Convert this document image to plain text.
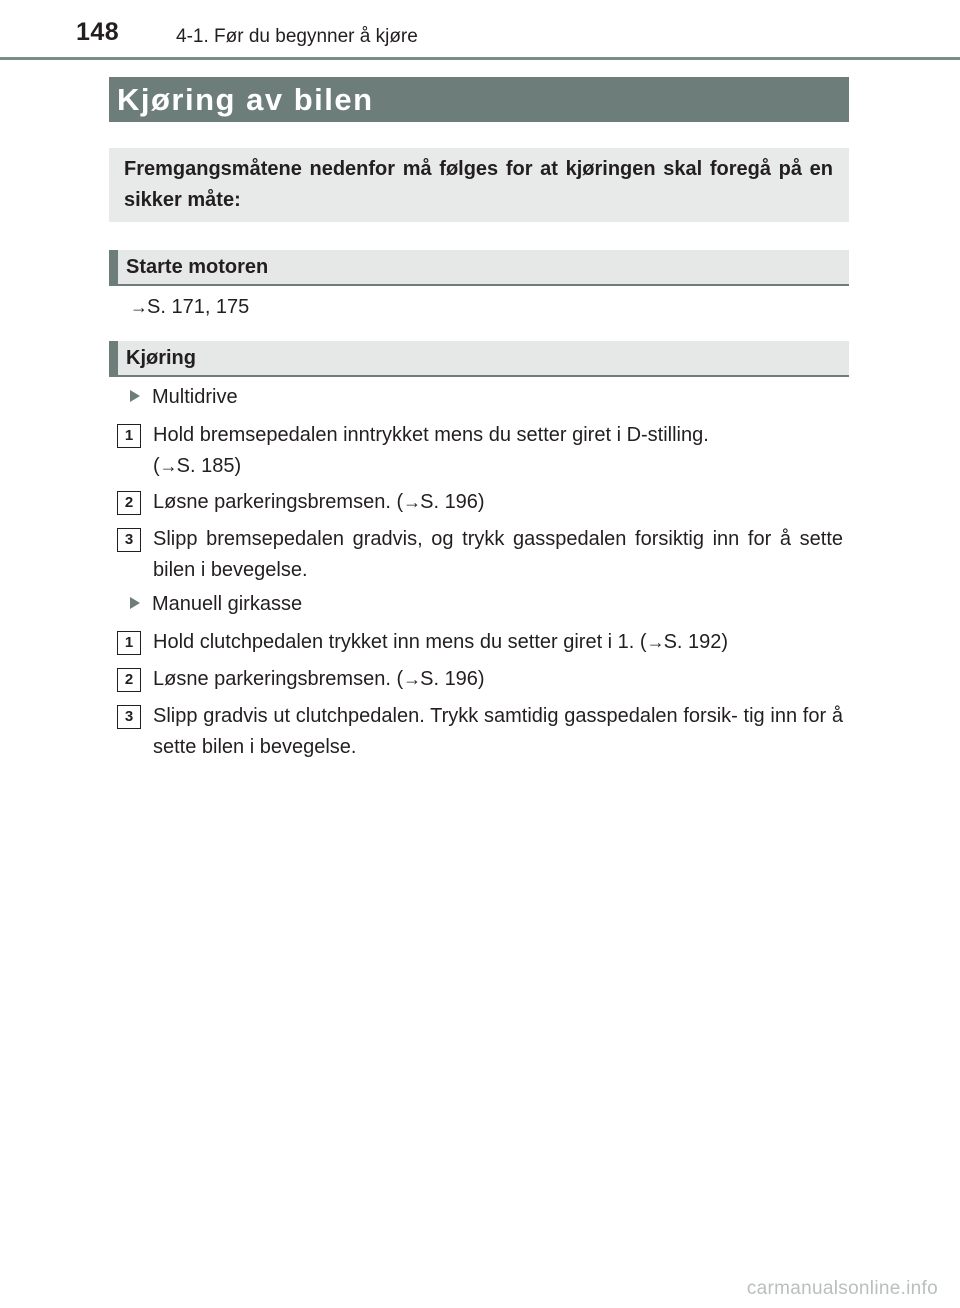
148	4-1. Før du begynner å kjøre
Kjøring av bilen
Fremgangsmåtene nedenfor må følges for at kjøringen skal foregå på en sikker måte:
Starte motoren
→S. 171, 175
Kjøring
Multidrive
1 Hold bremsepedalen inntrykket mens du setter giret i D-stilling.
(→S. 185)
2 Løsne parkeringsbremsen. (→S. 196)
3 Slipp bremsepedalen gradvis, og trykk gasspedalen forsiktig inn for å sette bilen i bevegelse.
Manuell girkasse
1 Hold clutchpedalen trykket inn mens du setter giret i 1. (→S. 192)
2 Løsne parkeringsbremsen. (→S. 196)
3 Slipp gradvis ut clutchpedalen. Trykk samtidig gasspedalen forsik- tig inn for å sette bilen i bevegelse.
carmanualsonline.info
